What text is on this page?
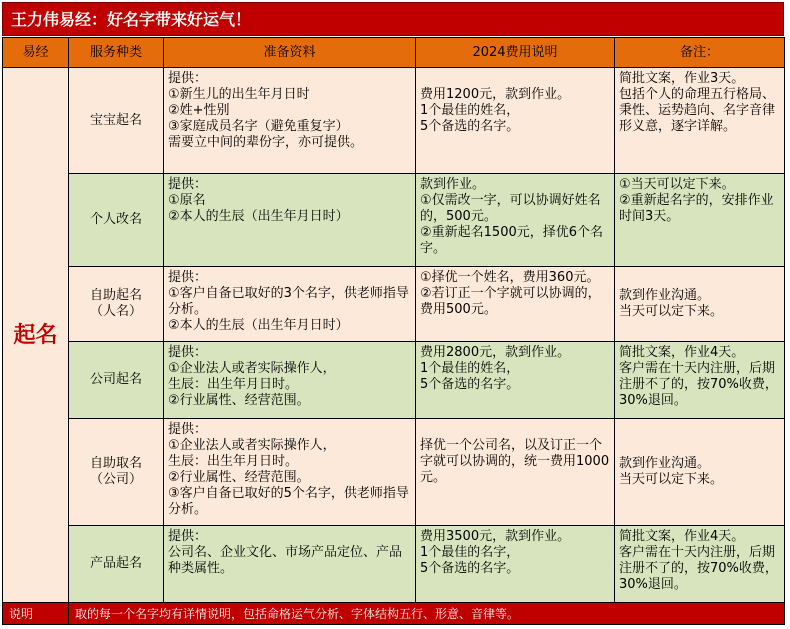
王力伟易经：好名字带来好运气！
易经	服务种类	准备资料	2024费用说明	备注：
起名	宝宝起名	提供：
①新生儿的出生年月日时
②姓+性别
③家庭成员名字（避免重复字）
需要立中间的辈份字，亦可提供。	费用1200元，款到作业。
1个最佳的姓名，
5个备选的名字。	简批文案，作业3天。
包括个人的命理五行格局、秉性、运势趋向、名字音律形义意，逐字详解。

	个人改名	提供：
①原名
②本人的生辰（出生年月日时）	款到作业。
①仅需改一字，可以协调好姓名的，500元。
②重新起名1500元，择优6个名字。	①当天可以定下来。
②重新起名字的，安排作业时间3天。

	自助起名
（人名）	提供：
①客户自备已取好的3个名字，供老师指导分析。
②本人的生辰（出生年月日时）	①择优一个姓名，费用360元。
②若订正一个字就可以协调的，费用500元。	款到作业沟通。
当天可以定下来。

	公司起名	提供：
①企业法人或者实际操作人，
生辰：出生年月日时。
②行业属性、经营范围。	费用2800元，款到作业。
1个最佳的姓名，
5个备选的名字。	简批文案，作业4天。
客户需在十天内注册，后期注册不了的，按70%收费，30%退回。

	自助取名
（公司）	提供：
①企业法人或者实际操作人，
生辰：出生年月日时。
②行业属性、经营范围。
③客户自备已取好的5个名字，供老师指导分析。	择优一个公司名，以及订正一个字就可以协调的，统一费用1000元。	款到作业沟通。
当天可以定下来。

	产品起名	提供：
公司名、企业文化、市场产品定位、产品种类属性。	费用3500元，款到作业。
1个最佳的名字，
5个备选的名字。	简批文案，作业4天。
客户需在十天内注册，后期注册不了的，按70%收费，30%退回。

说明	取的每一个名字均有详情说明，包括命格运气分析、字体结构五行、形意、音律等。			
